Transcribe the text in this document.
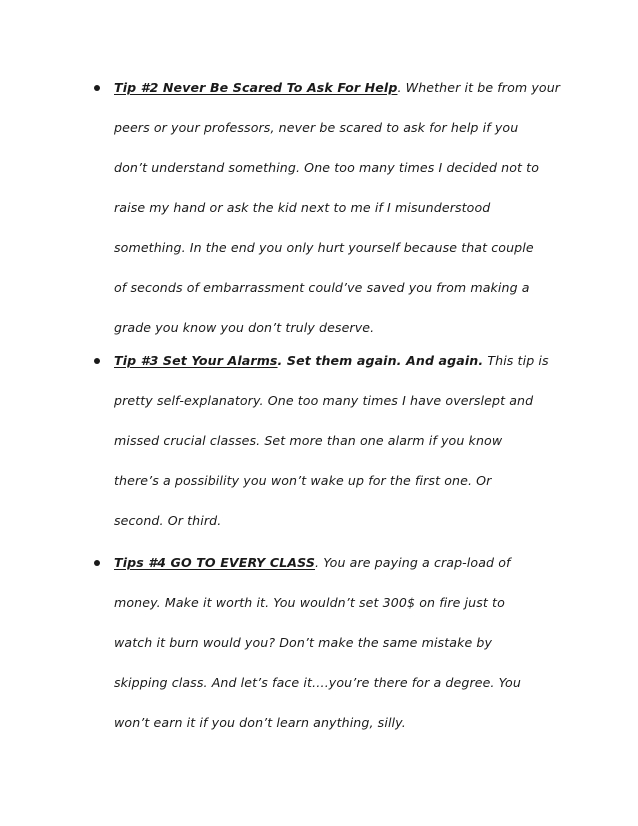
Tip #2 Never Be Scared To Ask For Help. Whether it be from your
peers or your professors, never be scared to ask for help if you
don’t understand something. One too many times I decided not to
raise my hand or ask the kid next to me if I misunderstood
something. In the end you only hurt yourself because that couple
of seconds of embarrassment could’ve saved you from making a
grade you know you don’t truly deserve.
Tip #3 Set Your Alarms. Set them again. And again. This tip is
pretty self-explanatory. One too many times I have overslept and
missed crucial classes. Set more than one alarm if you know
there’s a possibility you won’t wake up for the first one. Or
second. Or third.
Tips #4 GO TO EVERY CLASS. You are paying a crap-load of
money. Make it worth it. You wouldn’t set 300$ on fire just to
watch it burn would you? Don’t make the same mistake by
skipping class. And let’s face it….you’re there for a degree. You
won’t earn it if you don’t learn anything, silly.
